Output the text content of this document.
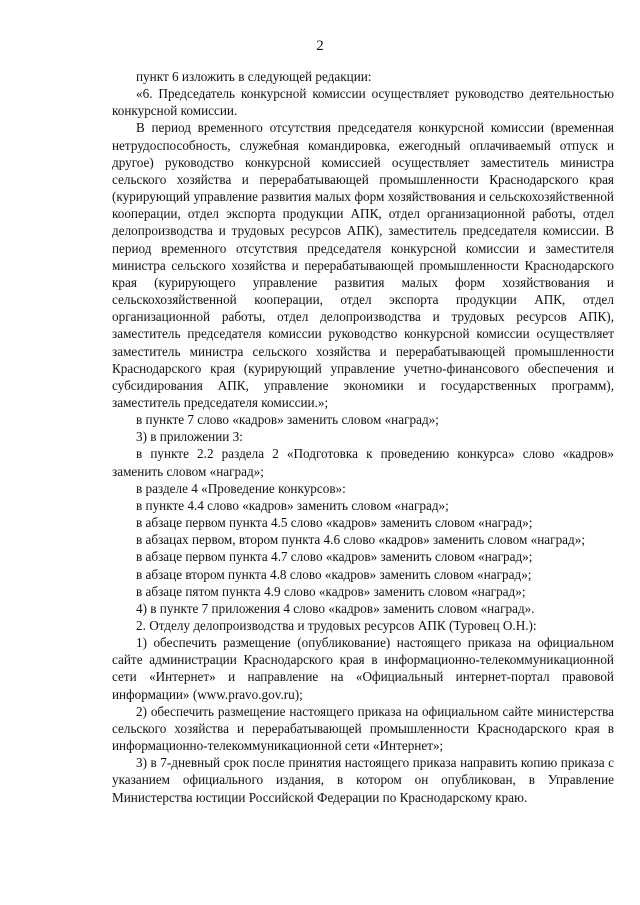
2

пункт 6 изложить в следующей редакции:

«6. Председатель конкурсной комиссии осуществляет руководство деятельностью конкурсной комиссии.

В период временного отсутствия председателя конкурсной комиссии (временная нетрудоспособность, служебная командировка, ежегодный оплачиваемый отпуск и другое) руководство конкурсной комиссией осуществляет заместитель министра сельского хозяйства и перерабатывающей промышленности Краснодарского края (курирующий управление развития малых форм хозяйствования и сельскохозяйственной кооперации, отдел экспорта продукции АПК, отдел организационной работы, отдел делопроизводства и трудовых ресурсов АПК), заместитель председателя комиссии. В период временного отсутствия председателя конкурсной комиссии и заместителя министра сельского хозяйства и перерабатывающей промышленности Краснодарского края (курирующего управление развития малых форм хозяйствования и сельскохозяйственной кооперации, отдел экспорта продукции АПК, отдел организационной работы, отдел делопроизводства и трудовых ресурсов АПК), заместитель председателя комиссии руководство конкурсной комиссии осуществляет заместитель министра сельского хозяйства и перерабатывающей промышленности Краснодарского края (курирующий управление учетно-финансового обеспечения и субсидирования АПК, управление экономики и государственных программ), заместитель председателя комиссии.»;

в пункте 7 слово «кадров» заменить словом «наград»;

3) в приложении 3:

в пункте 2.2 раздела 2 «Подготовка к проведению конкурса» слово «кадров» заменить словом «наград»;

в разделе 4 «Проведение конкурсов»:

в пункте 4.4 слово «кадров» заменить словом «наград»;

в абзаце первом пункта 4.5 слово «кадров» заменить словом «наград»;

в абзацах первом, втором пункта 4.6 слово «кадров» заменить словом «наград»;

в абзаце первом пункта 4.7 слово «кадров» заменить словом «наград»;

в абзаце втором пункта 4.8 слово «кадров» заменить словом «наград»;

в абзаце пятом пункта 4.9 слово «кадров» заменить словом «наград»;

4) в пункте 7 приложения 4 слово «кадров» заменить словом «наград».

2. Отделу делопроизводства и трудовых ресурсов АПК (Туровец О.Н.):

1) обеспечить размещение (опубликование) настоящего приказа на официальном сайте администрации Краснодарского края в информационно-телекоммуникационной сети «Интернет» и направление на «Официальный интернет-портал правовой информации» (www.pravo.gov.ru);

2) обеспечить размещение настоящего приказа на официальном сайте министерства сельского хозяйства и перерабатывающей промышленности Краснодарского края в информационно-телекоммуникационной сети «Интернет»;

3) в 7-дневный срок после принятия настоящего приказа направить копию приказа с указанием официального издания, в котором он опубликован, в Управление Министерства юстиции Российской Федерации по Краснодарскому краю.
